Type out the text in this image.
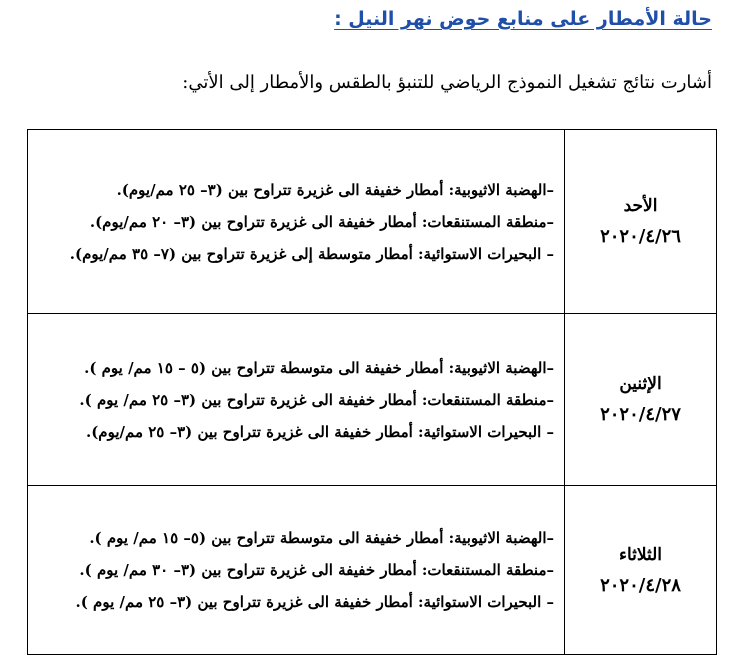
حالة الأمطار على منابع حوض نهر النيل :
أشارت نتائج تشغيل النموذج الرياضي للتنبؤ بالطقس والأمطار إلى الأتي:
الأحد
٢٠٢٠/٤/٢٦
–الهضبة الاثيوبية: أمطار خفيفة الى غزيرة تتراوح بين (٣– ٢٥ مم/يوم).
–منطقة المستنقعات: أمطار خفيفة الى غزيرة تتراوح بين (٣– ٢٠ مم/يوم).
– البحيرات الاستوائية: أمطار متوسطة إلى غزيرة تتراوح بين (٧– ٣٥ مم/يوم).
الإثنين
٢٠٢٠/٤/٢٧
–الهضبة الاثيوبية: أمطار خفيفة الى متوسطة تتراوح بين (٥ – ١٥ مم/ يوم ).
–منطقة المستنقعات: أمطار خفيفة الى غزيرة تتراوح بين (٣– ٢٥ مم/ يوم ).
– البحيرات الاستوائية: أمطار خفيفة الى غزيرة تتراوح بين (٣– ٢٥ مم/يوم).
الثلاثاء
٢٠٢٠/٤/٢٨
–الهضبة الاثيوبية: أمطار خفيفة الى متوسطة تتراوح بين (٥– ١٥ مم/ يوم ).
–منطقة المستنقعات: أمطار خفيفة الى غزيرة تتراوح بين (٣– ٣٠ مم/ يوم ).
– البحيرات الاستوائية: أمطار خفيفة الى غزيرة تتراوح بين (٣– ٢٥ مم/ يوم ).
